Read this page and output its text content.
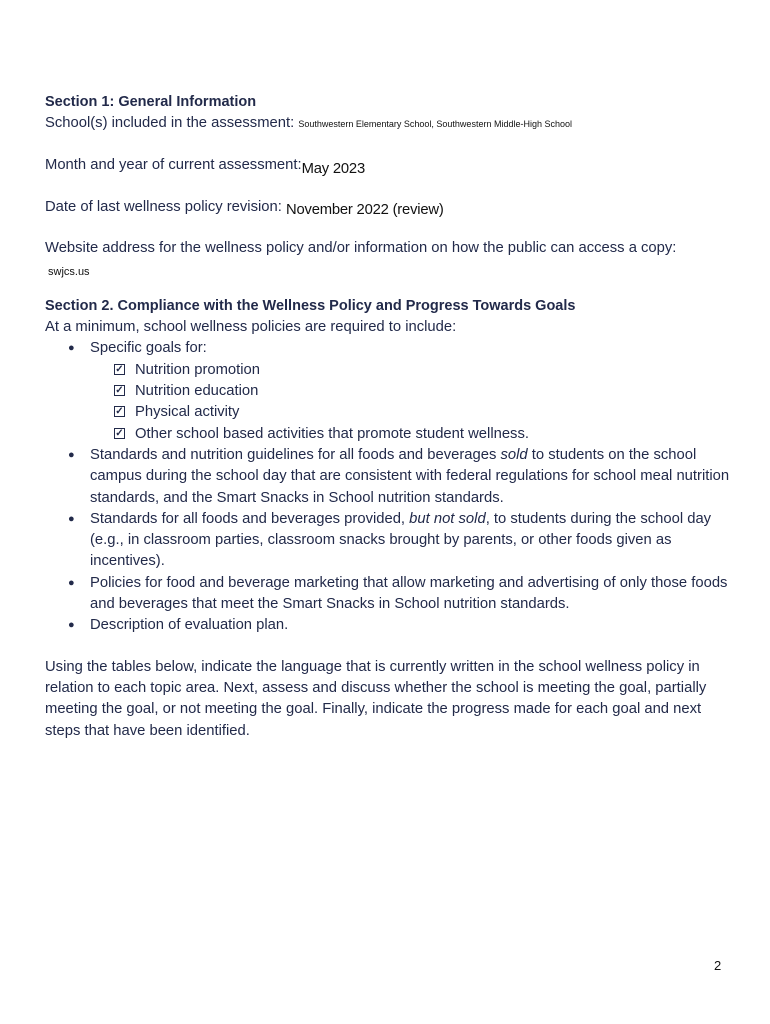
Section 1: General Information

School(s) included in the assessment: Southwestern Elementary School, Southwestern Middle-High School

Month and year of current assessment:May 2023

Date of last wellness policy revision: November 2022 (review)

Website address for the wellness policy and/or information on how the public can access a copy:

swjcs.us

Section 2. Compliance with the Wellness Policy and Progress Towards Goals

At a minimum, school wellness policies are required to include:

● Specific goals for:
✓ Nutrition promotion
✓ Nutrition education
✓ Physical activity
✓ Other school based activities that promote student wellness.
● Standards and nutrition guidelines for all foods and beverages sold to students on the school campus during the school day that are consistent with federal regulations for school meal nutrition standards, and the Smart Snacks in School nutrition standards.
● Standards for all foods and beverages provided, but not sold, to students during the school day (e.g., in classroom parties, classroom snacks brought by parents, or other foods given as incentives).
● Policies for food and beverage marketing that allow marketing and advertising of only those foods and beverages that meet the Smart Snacks in School nutrition standards.
● Description of evaluation plan.

Using the tables below, indicate the language that is currently written in the school wellness policy in relation to each topic area. Next, assess and discuss whether the school is meeting the goal, partially meeting the goal, or not meeting the goal. Finally, indicate the progress made for each goal and next steps that have been identified.

2
